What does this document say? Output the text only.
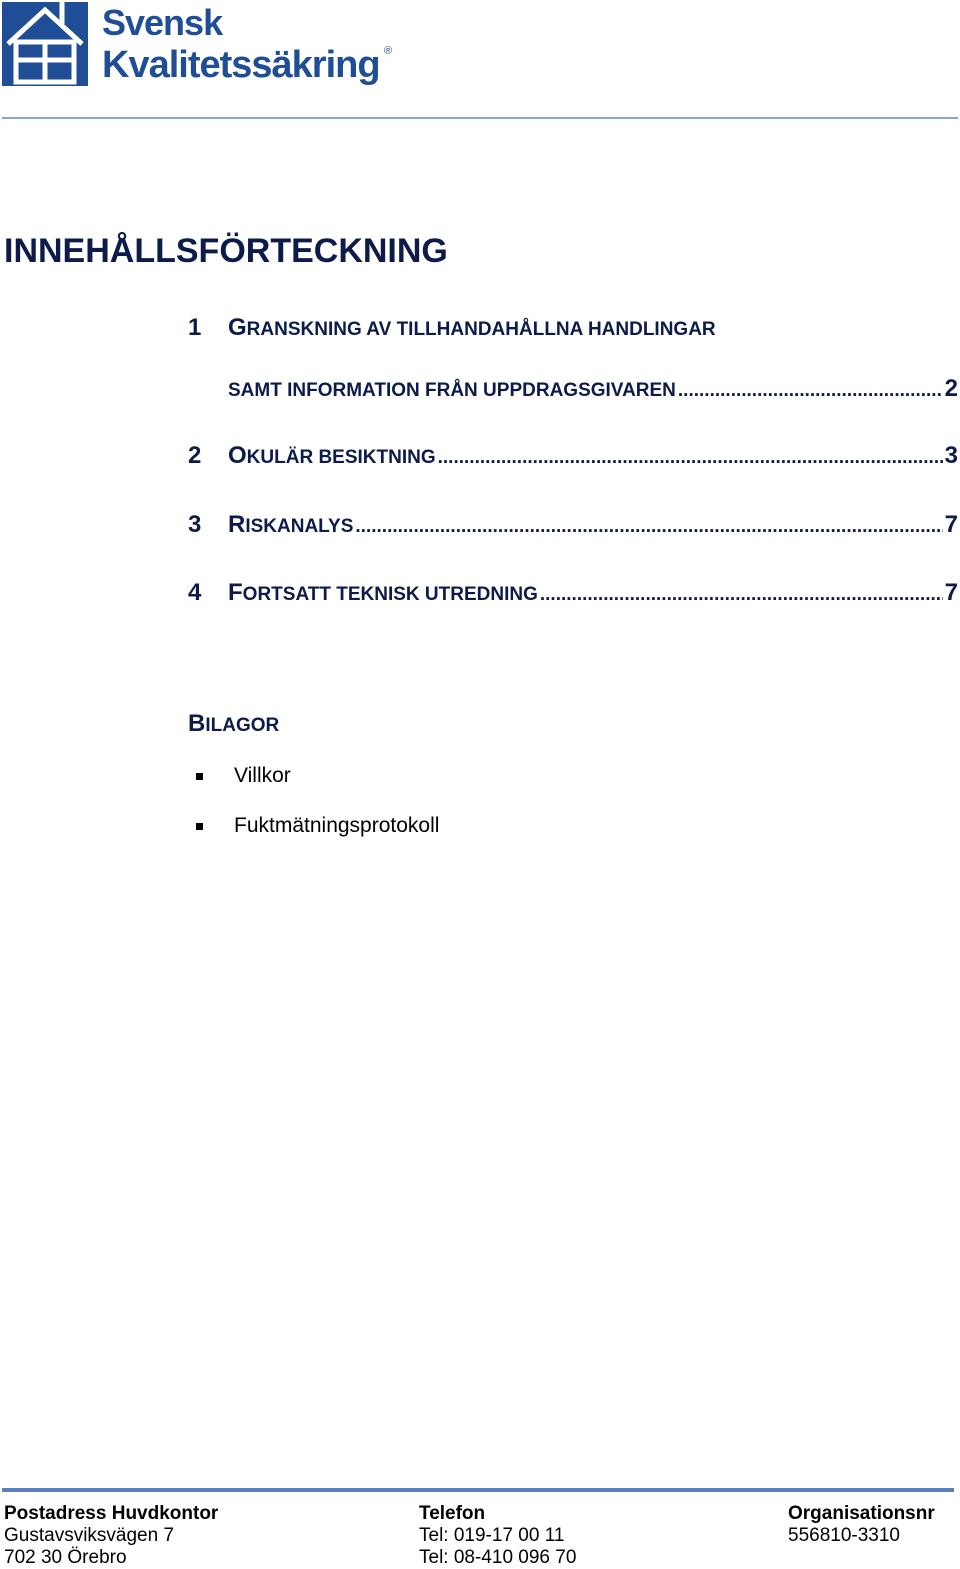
Svensk
Kvalitetssäkring ®
INNEHÅLLSFÖRTECKNING
1 G RANSKNING AV TILLHANDAHÅLLNA HANDLINGAR
SAMT INFORMATION FRÅN UPPDRAGSGIVAREN .....	2
2 O KULÄR BESIKTNING .....	3
3 R ISKANALYS .....	7
4 F ORTSATT TEKNISK UTREDNING .....	7
BILAGOR
Villkor
Fuktmätningsprotokoll
Postadress Huvdkontor
Gustavsviksvägen 7
702 30 Örebro
Telefon
Tel: 019-17 00 11
Tel: 08-410 096 70
Organisationsnr
556810-3310
